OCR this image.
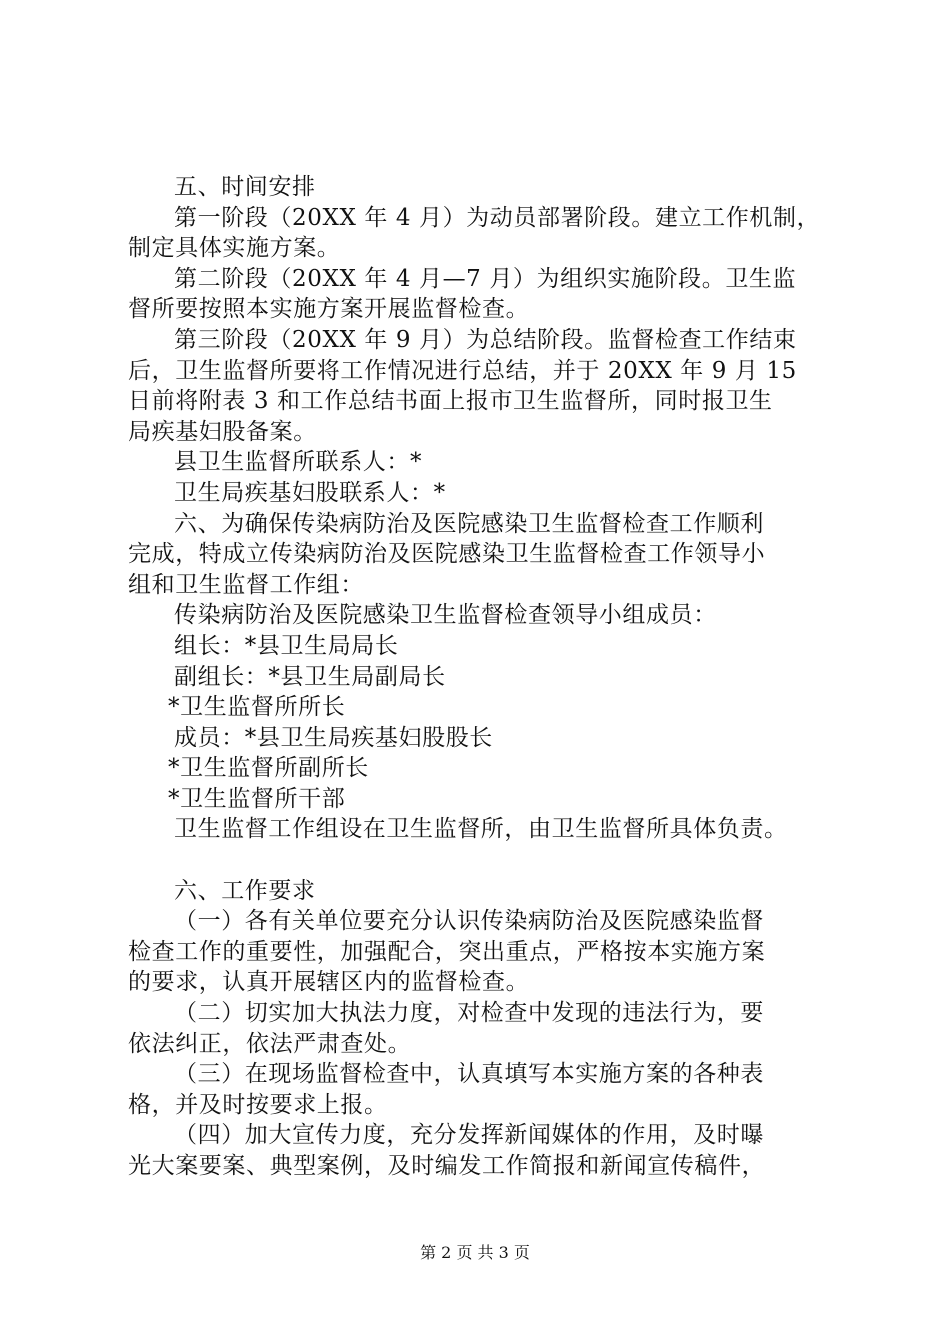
五、时间安排
第一阶段（20XX 年 4 月）为动员部署阶段。建立工作机制，
制定具体实施方案。
第二阶段（20XX 年 4 月—7 月）为组织实施阶段。卫生监
督所要按照本实施方案开展监督检查。
第三阶段（20XX 年 9 月）为总结阶段。监督检查工作结束
后，卫生监督所要将工作情况进行总结，并于 20XX 年 9 月 15
日前将附表 3 和工作总结书面上报市卫生监督所，同时报卫生
局疾基妇股备案。
县卫生监督所联系人：*
卫生局疾基妇股联系人：*
六、为确保传染病防治及医院感染卫生监督检查工作顺利
完成，特成立传染病防治及医院感染卫生监督检查工作领导小
组和卫生监督工作组：
传染病防治及医院感染卫生监督检查领导小组成员：
组长：*县卫生局局长
副组长：*县卫生局副局长
*卫生监督所所长
成员：*县卫生局疾基妇股股长
*卫生监督所副所长
*卫生监督所干部
卫生监督工作组设在卫生监督所，由卫生监督所具体负责。
六、工作要求
（一）各有关单位要充分认识传染病防治及医院感染监督
检查工作的重要性，加强配合，突出重点，严格按本实施方案
的要求，认真开展辖区内的监督检查。
（二）切实加大执法力度，对检查中发现的违法行为，要
依法纠正，依法严肃查处。
（三）在现场监督检查中，认真填写本实施方案的各种表
格，并及时按要求上报。
（四）加大宣传力度，充分发挥新闻媒体的作用，及时曝
光大案要案、典型案例，及时编发工作简报和新闻宣传稿件，
第 2 页 共 3 页
